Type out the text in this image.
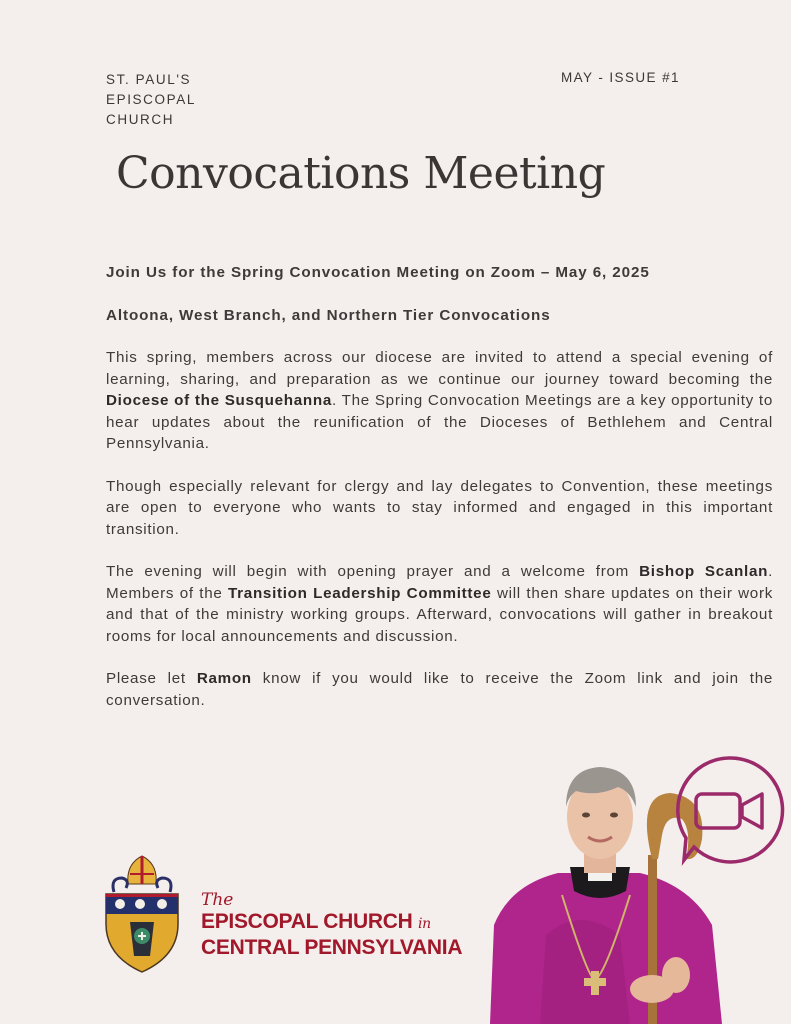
ST. PAUL'S
EPISCOPAL
CHURCH
MAY - ISSUE #1
Convocations Meeting
Join Us for the Spring Convocation Meeting on Zoom – May 6, 2025
Altoona, West Branch, and Northern Tier Convocations

This spring, members across our diocese are invited to attend a special evening of learning, sharing, and preparation as we continue our journey toward becoming the Diocese of the Susquehanna. The Spring Convocation Meetings are a key opportunity to hear updates about the reunification of the Dioceses of Bethlehem and Central Pennsylvania.

Though especially relevant for clergy and lay delegates to Convention, these meetings are open to everyone who wants to stay informed and engaged in this important transition.

The evening will begin with opening prayer and a welcome from Bishop Scanlan. Members of the Transition Leadership Committee will then share updates on their work and that of the ministry working groups. Afterward, convocations will gather in breakout rooms for local announcements and discussion.

Please let Ramon know if you would like to receive the Zoom link and join the conversation.

The
EPISCOPAL CHURCH in
CENTRAL PENNSYLVANIA
